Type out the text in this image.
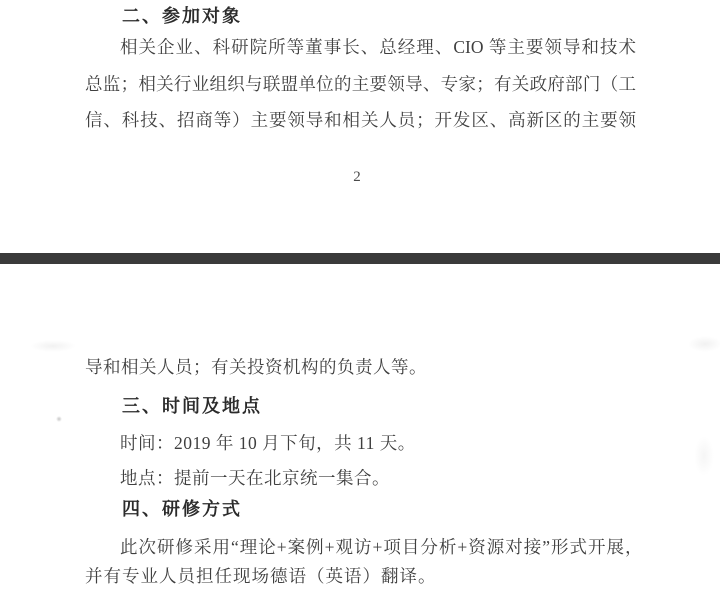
二、参加对象
相关企业、科研院所等董事长、总经理、CIO 等主要领导和技术
总监；相关行业组织与联盟单位的主要领导、专家；有关政府部门（工
信、科技、招商等）主要领导和相关人员；开发区、高新区的主要领
2
导和相关人员；有关投资机构的负责人等。
三、时间及地点
时间：2019 年 10 月下旬，共 11 天。
地点：提前一天在北京统一集合。
四、研修方式
此次研修采用“理论+案例+观访+项目分析+资源对接”形式开展，
并有专业人员担任现场德语（英语）翻译。
